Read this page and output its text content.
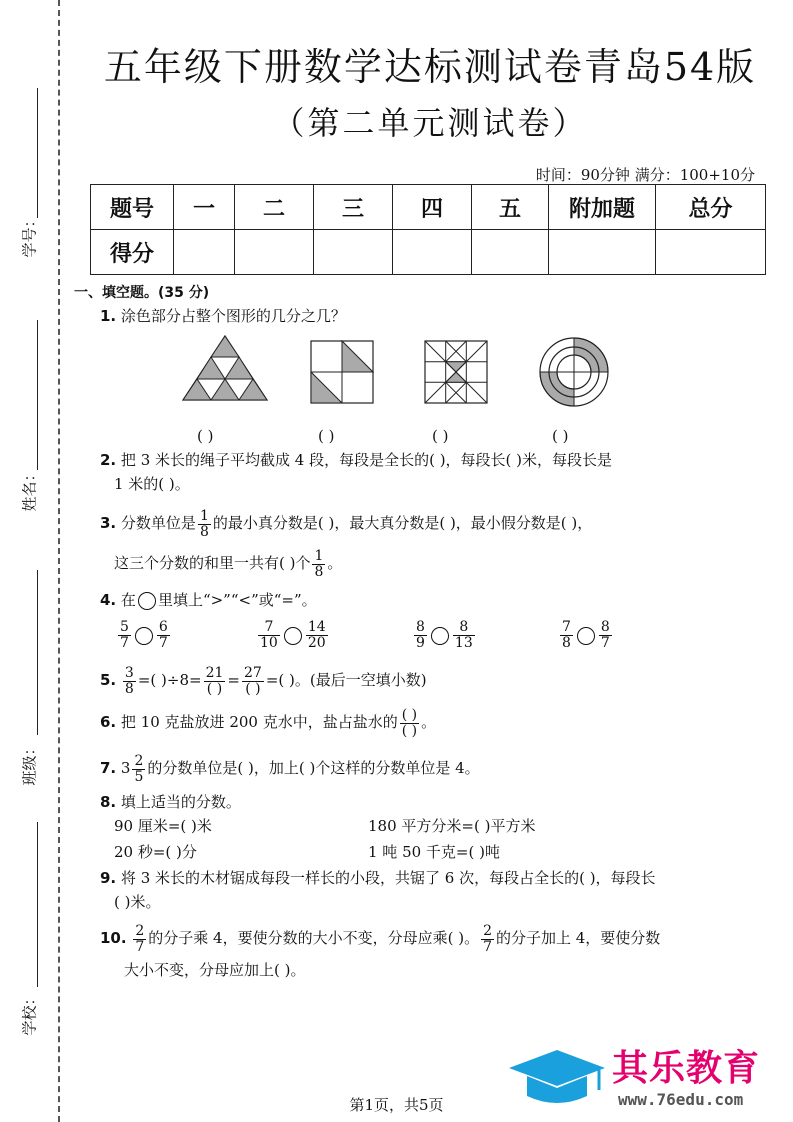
学号：
姓名：
班级：
学校：
五年级下册数学达标测试卷青岛54版
（第二单元测试卷）
时间：90分钟 满分：100+10分
题号	一	二	三	四	五	附加题	总分
得分							
一、填空题。(35 分)
1. 涂色部分占整个图形的几分之几？
( )	( )	( )	( )
2. 把 3 米长的绳子平均截成 4 段，每段是全长的( )，每段长( )米，每段长是
1 米的( )。
3. 分数单位是 $\frac{1}{8}$ 的最小真分数是( )，最大真分数是( )，最小假分数是( )，
这三个分数的和里一共有( )个 $\frac{1}{8}$ 。
4. 在 里填上“>”“<”或“=”。
$\frac{5}{7} \frac{6}{7}$	$\frac{7}{10} \frac{14}{20}$	$\frac{8}{9} \frac{8}{13}$	$\frac{7}{8} \frac{8}{7}$
5. $\frac{3}{8}$ =( )$\div 8= \frac{21}{( )} = \frac{27}{( )}$ =( )。(最后一空填小数)
6. 把 10 克盐放进 200 克水中，盐占盐水的 $\frac{( )}{( )}$ 。
7. $3 \frac{2}{5}$ 的分数单位是( )，加上( )个这样的分数单位是 4。
8. 填上适当的分数。
90 厘米=( )米	180 平方分米=( )平方米
20 秒=( )分	1 吨 50 千克=( )吨
9. 将 3 米长的木材锯成每段一样长的小段，共锯了 6 次，每段占全长的( )，每段长
( )米。
10. $\frac{2}{7}$ 的分子乘 4，要使分数的大小不变，分母应乘( )。 $\frac{2}{7}$ 的分子加上 4，要使分数
大小不变，分母应加上( )。
其乐教育
www.76edu.com
第1页，共5页
